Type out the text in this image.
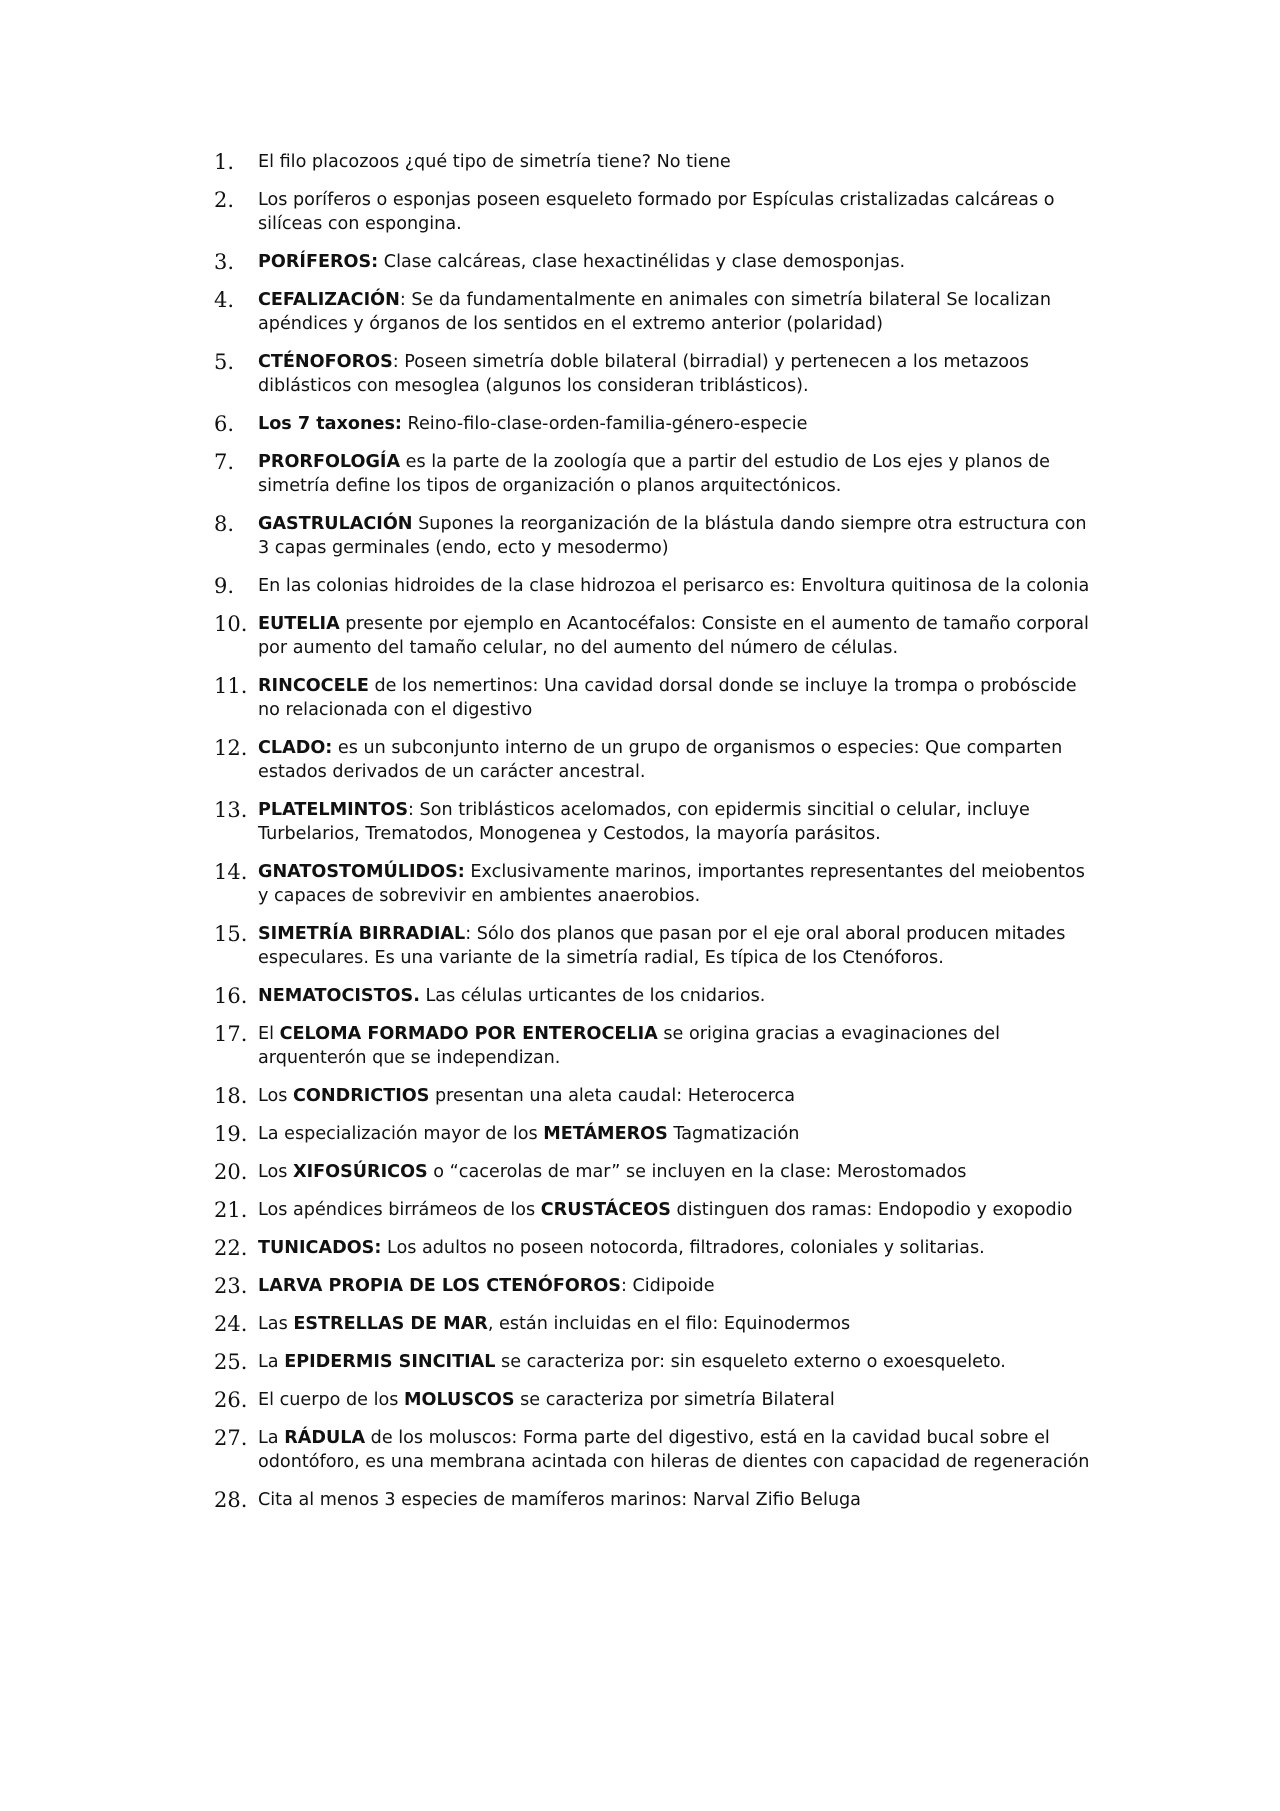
1.	El filo placozoos ¿qué tipo de simetría tiene? No tiene
2.	Los poríferos o esponjas poseen esqueleto formado por Espículas cristalizadas calcáreas o silíceas con espongina.
3.	PORÍFEROS: Clase calcáreas, clase hexactinélidas y clase demosponjas.
4.	CEFALIZACIÓN: Se da fundamentalmente en animales con simetría bilateral Se localizan apéndices y órganos de los sentidos en el extremo anterior (polaridad)
5.	CTÉNOFOROS: Poseen simetría doble bilateral (birradial) y pertenecen a los metazoos diblásticos con mesoglea (algunos los consideran triblásticos).
6.	Los 7 taxones: Reino-filo-clase-orden-familia-género-especie
7.	PRORFOLOGÍA es la parte de la zoología que a partir del estudio de Los ejes y planos de simetría define los tipos de organización o planos arquitectónicos.
8.	GASTRULACIÓN Supones la reorganización de la blástula dando siempre otra estructura con 3 capas germinales (endo, ecto y mesodermo)
9.	En las colonias hidroides de la clase hidrozoa el perisarco es: Envoltura quitinosa de la colonia
10. EUTELIA presente por ejemplo en Acantocéfalos: Consiste en el aumento de tamaño corporal por aumento del tamaño celular, no del aumento del número de células.
11. RINCOCELE de los nemertinos: Una cavidad dorsal donde se incluye la trompa o probóscide no relacionada con el digestivo
12. CLADO: es un subconjunto interno de un grupo de organismos o especies: Que comparten estados derivados de un carácter ancestral.
13. PLATELMINTOS: Son triblásticos acelomados, con epidermis sincitial o celular, incluye Turbelarios, Trematodos, Monogenea y Cestodos, la mayoría parásitos.
14. GNATOSTOMÚLIDOS: Exclusivamente marinos, importantes representantes del meiobentos y capaces de sobrevivir en ambientes anaerobios.
15. SIMETRÍA BIRRADIAL: Sólo dos planos que pasan por el eje oral aboral producen mitades especulares. Es una variante de la simetría radial, Es típica de los Ctenóforos.
16. NEMATOCISTOS. Las células urticantes de los cnidarios.
17. El CELOMA FORMADO POR ENTEROCELIA se origina gracias a evaginaciones del arquenterón que se independizan.
18. Los CONDRICTIOS presentan una aleta caudal: Heterocerca
19. La especialización mayor de los METÁMEROS Tagmatización
20. Los XIFOSÚRICOS o “cacerolas de mar” se incluyen en la clase: Merostomados
21. Los apéndices birrámeos de los CRUSTÁCEOS distinguen dos ramas: Endopodio y exopodio
22. TUNICADOS: Los adultos no poseen notocorda, filtradores, coloniales y solitarias.
23. LARVA PROPIA DE LOS CTENÓFOROS: Cidipoide
24. Las ESTRELLAS DE MAR, están incluidas en el filo: Equinodermos
25. La EPIDERMIS SINCITIAL se caracteriza por: sin esqueleto externo o exoesqueleto.
26. El cuerpo de los MOLUSCOS se caracteriza por simetría Bilateral
27. La RÁDULA de los moluscos: Forma parte del digestivo, está en la cavidad bucal sobre el odontóforo, es una membrana acintada con hileras de dientes con capacidad de regeneración
28. Cita al menos 3 especies de mamíferos marinos: Narval Zifio Beluga
